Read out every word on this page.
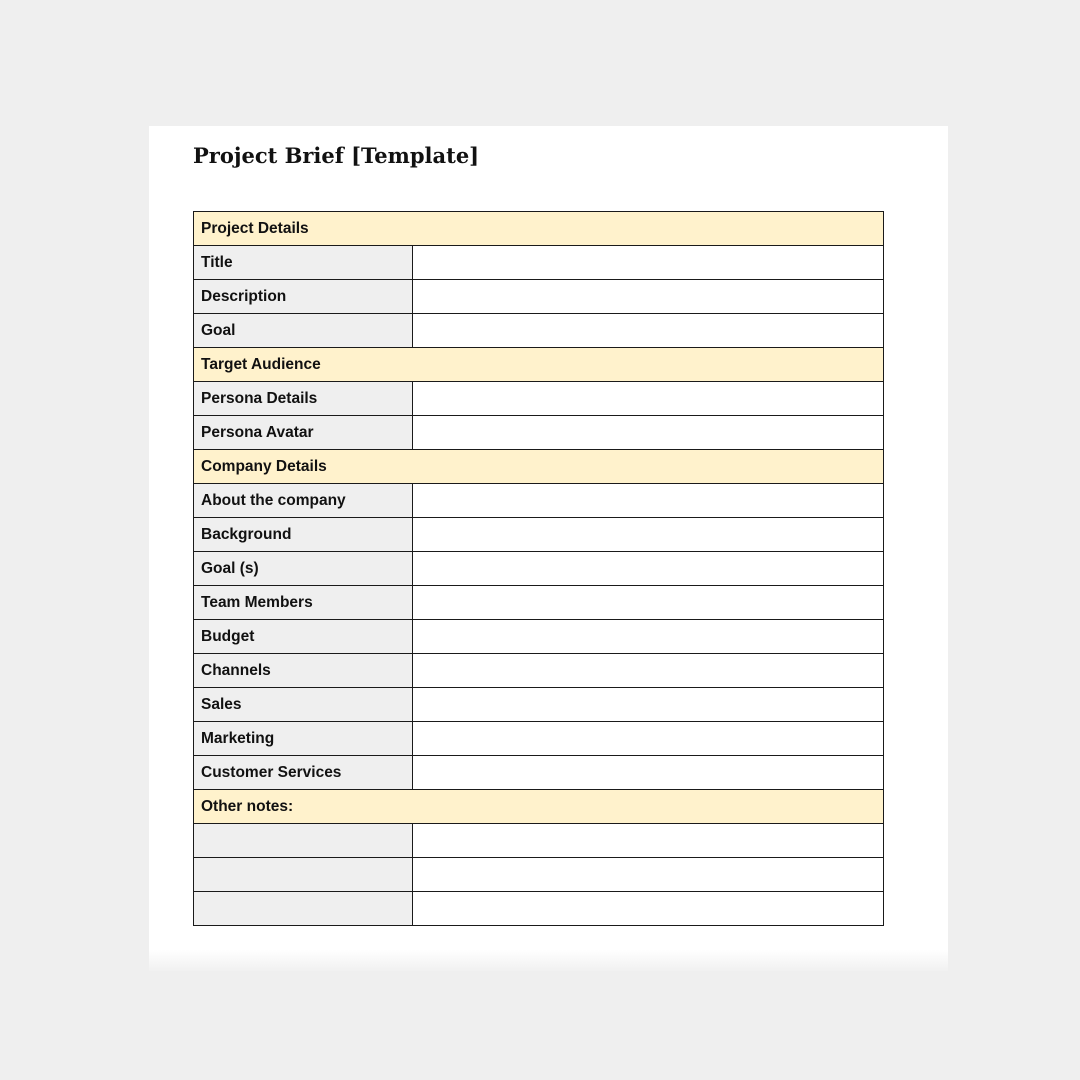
Project Brief [Template]
Project Details	
Title	
Description	
Goal	
Target Audience	
Persona Details	
Persona Avatar	
Company Details	
About the company	
Background	
Goal (s)	
Team Members	
Budget	
Channels	
Sales	
Marketing	
Customer Services	
Other notes:	
